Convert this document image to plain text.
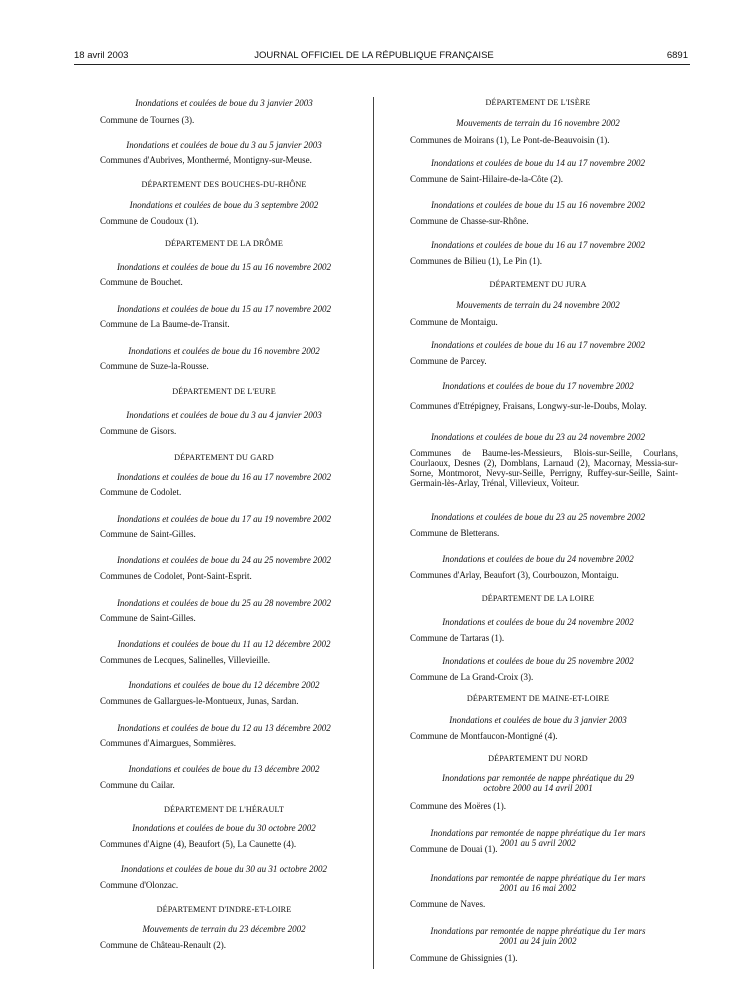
18 avril 2003	JOURNAL OFFICIEL DE LA RÉPUBLIQUE FRANÇAISE	6891
Inondations et coulées de boue du 3 janvier 2003
Commune de Tournes (3).
Inondations et coulées de boue du 3 au 5 janvier 2003
Communes d'Aubrives, Monthermé, Montigny-sur-Meuse.
DÉPARTEMENT DES BOUCHES-DU-RHÔNE
Inondations et coulées de boue du 3 septembre 2002
Commune de Coudoux (1).
DÉPARTEMENT DE LA DRÔME
Inondations et coulées de boue du 15 au 16 novembre 2002
Commune de Bouchet.
Inondations et coulées de boue du 15 au 17 novembre 2002
Commune de La Baume-de-Transit.
Inondations et coulées de boue du 16 novembre 2002
Commune de Suze-la-Rousse.
DÉPARTEMENT DE L'EURE
Inondations et coulées de boue du 3 au 4 janvier 2003
Commune de Gisors.
DÉPARTEMENT DU GARD
Inondations et coulées de boue du 16 au 17 novembre 2002
Commune de Codolet.
Inondations et coulées de boue du 17 au 19 novembre 2002
Commune de Saint-Gilles.
Inondations et coulées de boue du 24 au 25 novembre 2002
Communes de Codolet, Pont-Saint-Esprit.
Inondations et coulées de boue du 25 au 28 novembre 2002
Commune de Saint-Gilles.
Inondations et coulées de boue du 11 au 12 décembre 2002
Communes de Lecques, Salinelles, Villevieille.
Inondations et coulées de boue du 12 décembre 2002
Communes de Gallargues-le-Montueux, Junas, Sardan.
Inondations et coulées de boue du 12 au 13 décembre 2002
Communes d'Aimargues, Sommières.
Inondations et coulées de boue du 13 décembre 2002
Commune du Cailar.
DÉPARTEMENT DE L'HÉRAULT
Inondations et coulées de boue du 30 octobre 2002
Communes d'Aigne (4), Beaufort (5), La Caunette (4).
Inondations et coulées de boue du 30 au 31 octobre 2002
Commune d'Olonzac.
DÉPARTEMENT D'INDRE-ET-LOIRE
Mouvements de terrain du 23 décembre 2002
Commune de Château-Renault (2).
DÉPARTEMENT DE L'ISÈRE
Mouvements de terrain du 16 novembre 2002
Communes de Moirans (1), Le Pont-de-Beauvoisin (1).
Inondations et coulées de boue du 14 au 17 novembre 2002
Commune de Saint-Hilaire-de-la-Côte (2).
Inondations et coulées de boue du 15 au 16 novembre 2002
Commune de Chasse-sur-Rhône.
Inondations et coulées de boue du 16 au 17 novembre 2002
Communes de Bilieu (1), Le Pin (1).
DÉPARTEMENT DU JURA
Mouvements de terrain du 24 novembre 2002
Commune de Montaigu.
Inondations et coulées de boue du 16 au 17 novembre 2002
Commune de Parcey.
Inondations et coulées de boue du 17 novembre 2002
Communes d'Etrépigney, Fraisans, Longwy-sur-le-Doubs, Molay.
Inondations et coulées de boue du 23 au 24 novembre 2002
Communes de Baume-les-Messieurs, Blois-sur-Seille, Courlans, Courlaoux, Desnes (2), Domblans, Larnaud (2), Macornay, Messia-sur-Sorne, Montmorot, Nevy-sur-Seille, Perrigny, Ruffey-sur-Seille, Saint-Germain-lès-Arlay, Trénal, Villevieux, Voiteur.
Inondations et coulées de boue du 23 au 25 novembre 2002
Commune de Bletterans.
Inondations et coulées de boue du 24 novembre 2002
Communes d'Arlay, Beaufort (3), Courbouzon, Montaigu.
DÉPARTEMENT DE LA LOIRE
Inondations et coulées de boue du 24 novembre 2002
Commune de Tartaras (1).
Inondations et coulées de boue du 25 novembre 2002
Commune de La Grand-Croix (3).
DÉPARTEMENT DE MAINE-ET-LOIRE
Inondations et coulées de boue du 3 janvier 2003
Commune de Montfaucon-Montigné (4).
DÉPARTEMENT DU NORD
Inondations par remontée de nappe phréatique du 29 octobre 2000 au 14 avril 2001
Commune des Moëres (1).
Inondations par remontée de nappe phréatique du 1er mars 2001 au 5 avril 2002
Commune de Douai (1).
Inondations par remontée de nappe phréatique du 1er mars 2001 au 16 mai 2002
Commune de Naves.
Inondations par remontée de nappe phréatique du 1er mars 2001 au 24 juin 2002
Commune de Ghissignies (1).
